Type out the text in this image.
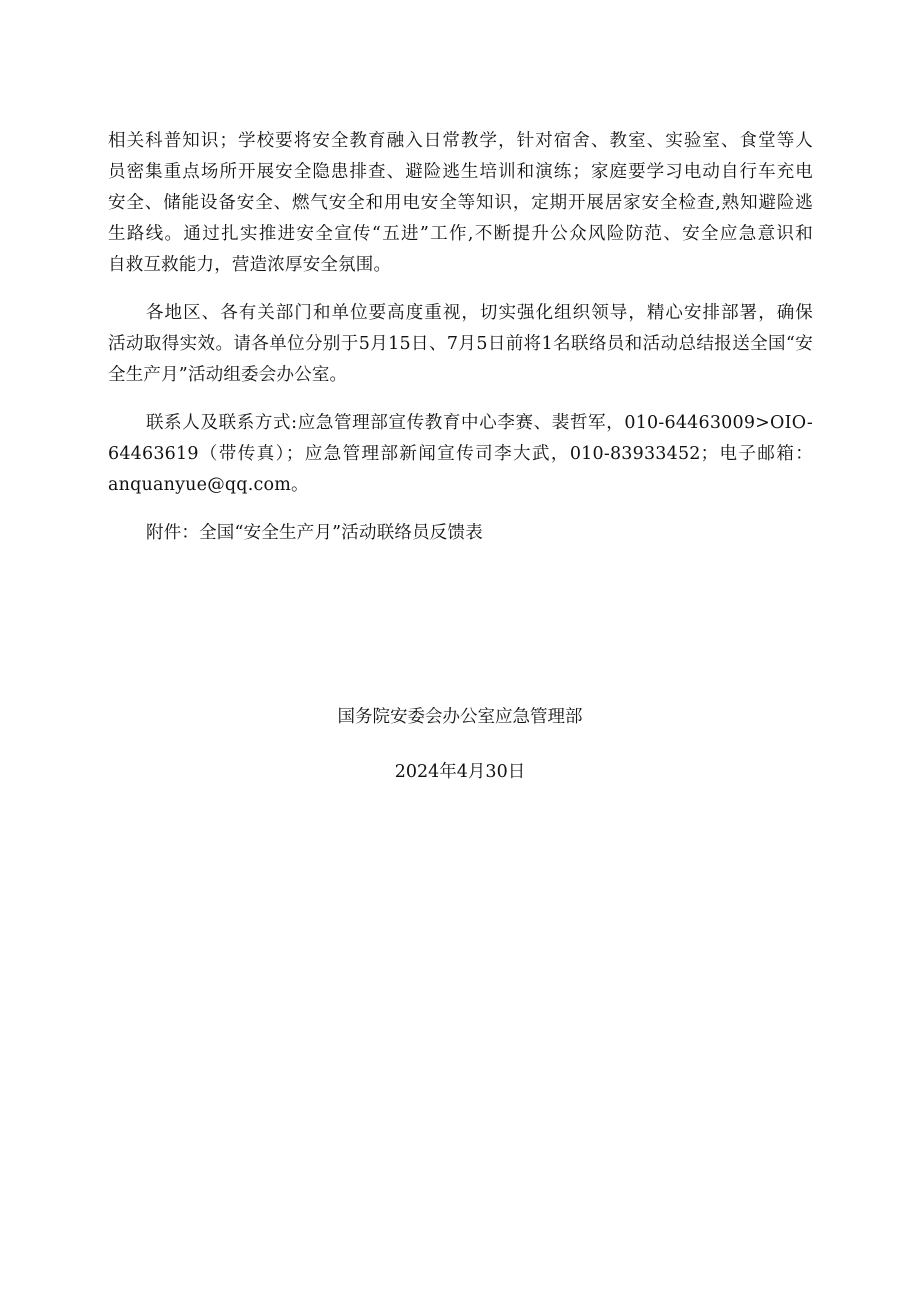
相关科普知识；学校要将安全教育融入日常教学，针对宿舍、教室、实验室、食堂等人
员密集重点场所开展安全隐患排查、避险逃生培训和演练；家庭要学习电动自行车充电
安全、储能设备安全、燃气安全和用电安全等知识，定期开展居家安全检查,熟知避险逃
生路线。通过扎实推进安全宣传“五进”工作,不断提升公众风险防范、安全应急意识和
自救互救能力，营造浓厚安全氛围。

各地区、各有关部门和单位要高度重视，切实强化组织领导，精心安排部署，确保
活动取得实效。请各单位分别于5月15日、7月5日前将1名联络员和活动总结报送全国“安
全生产月”活动组委会办公室。

联系人及联系方式:应急管理部宣传教育中心李赛、裴哲军，010-64463009>OIO-
64463619（带传真）；应急管理部新闻宣传司李大武，010-83933452；电子邮箱：
anquanyue@qq.com。

附件：全国“安全生产月”活动联络员反馈表

国务院安委会办公室应急管理部

2024年4月30日
